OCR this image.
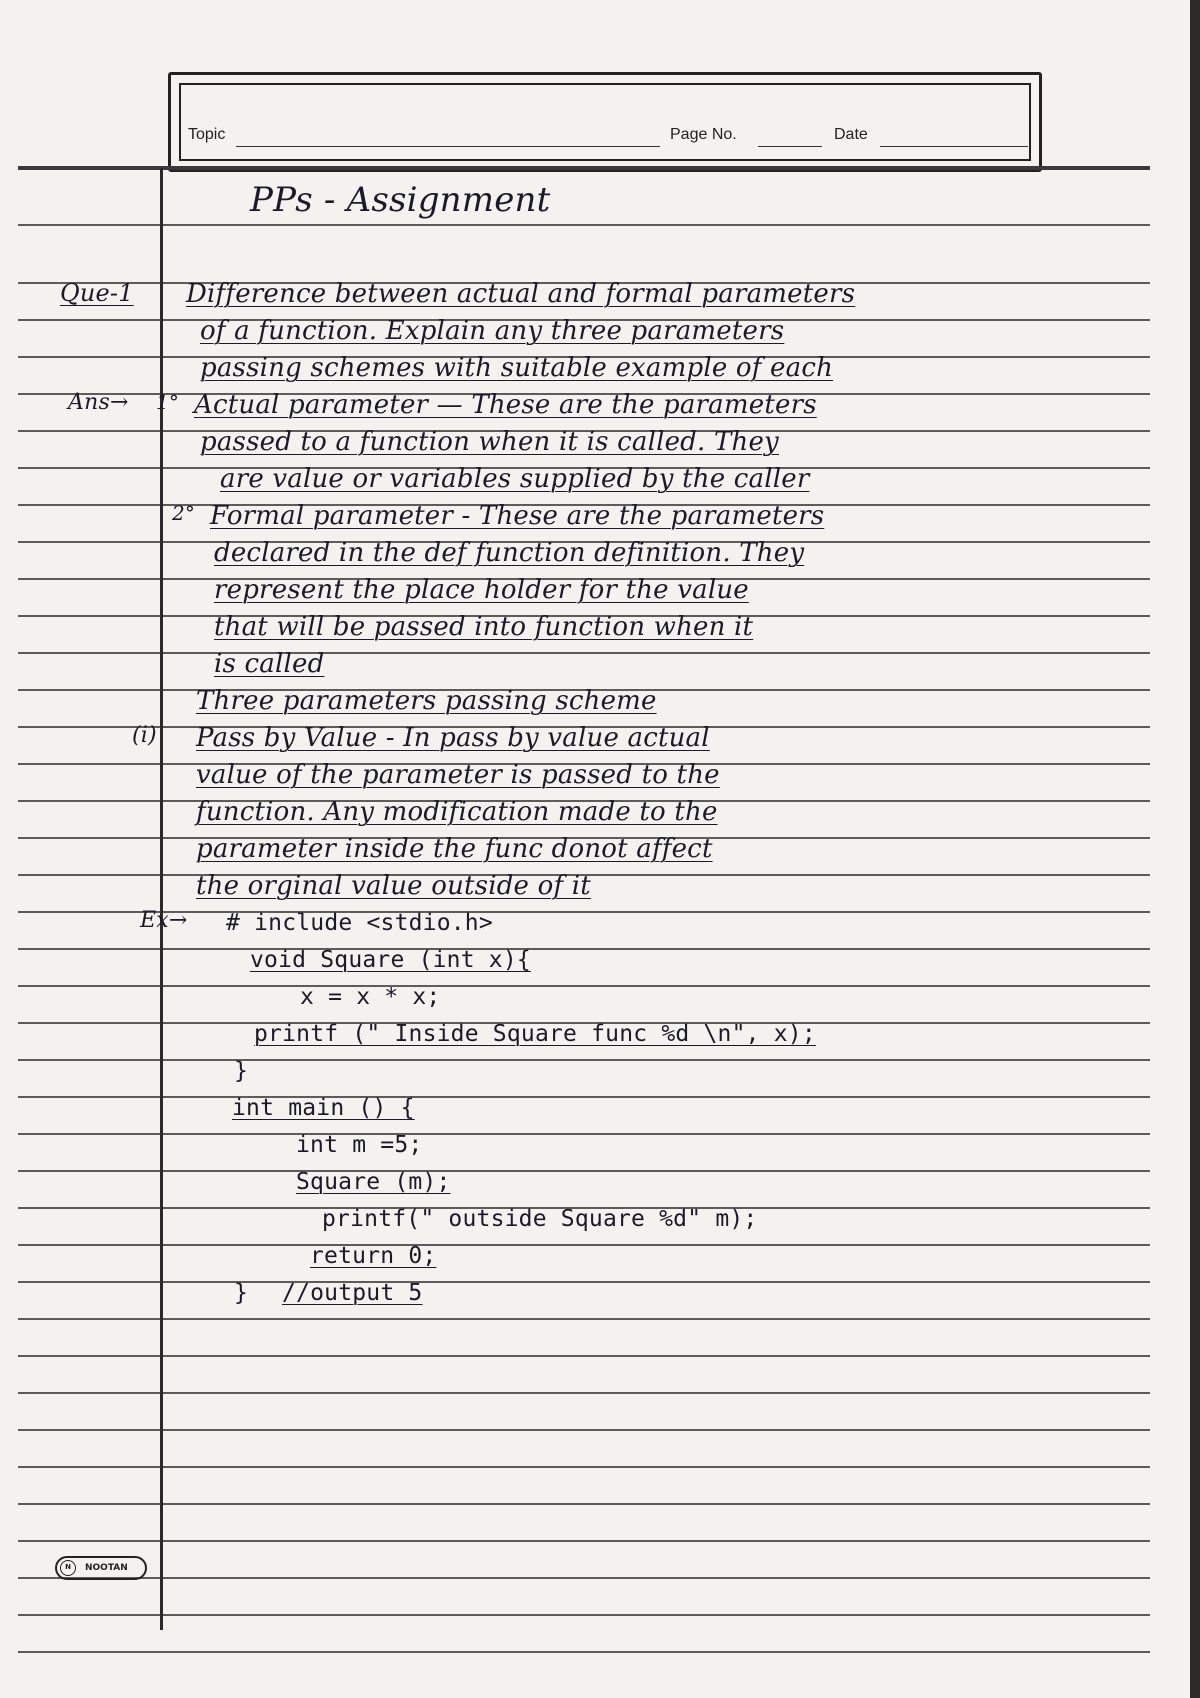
Topic	Page No.	Date
PPs - Assignment
Que-1 Difference between actual and formal parameters
of a function. Explain any three parameters
passing schemes with suitable example of each
Ans→ 1° Actual parameter — These are the parameters
passed to a function when it is called. They
are value or variables supplied by the caller
2° Formal parameter - These are the parameters
declared in the def function definition. They
represent the place holder for the value
that will be passed into function when it
is called
Three parameters passing scheme
(i) Pass by Value - In pass by value actual
value of the parameter is passed to the
function. Any modification made to the
parameter inside the func donot affect
the orginal value outside of it
Ex→ # include <stdio.h>
void Square (int x){
x = x * x;
printf (" Inside Square func %d \n", x);
}
int main () {
int m =5;
Square (m);
printf(" outside Square %d" m);
return 0;
} //output 5
N	NOOTAN
